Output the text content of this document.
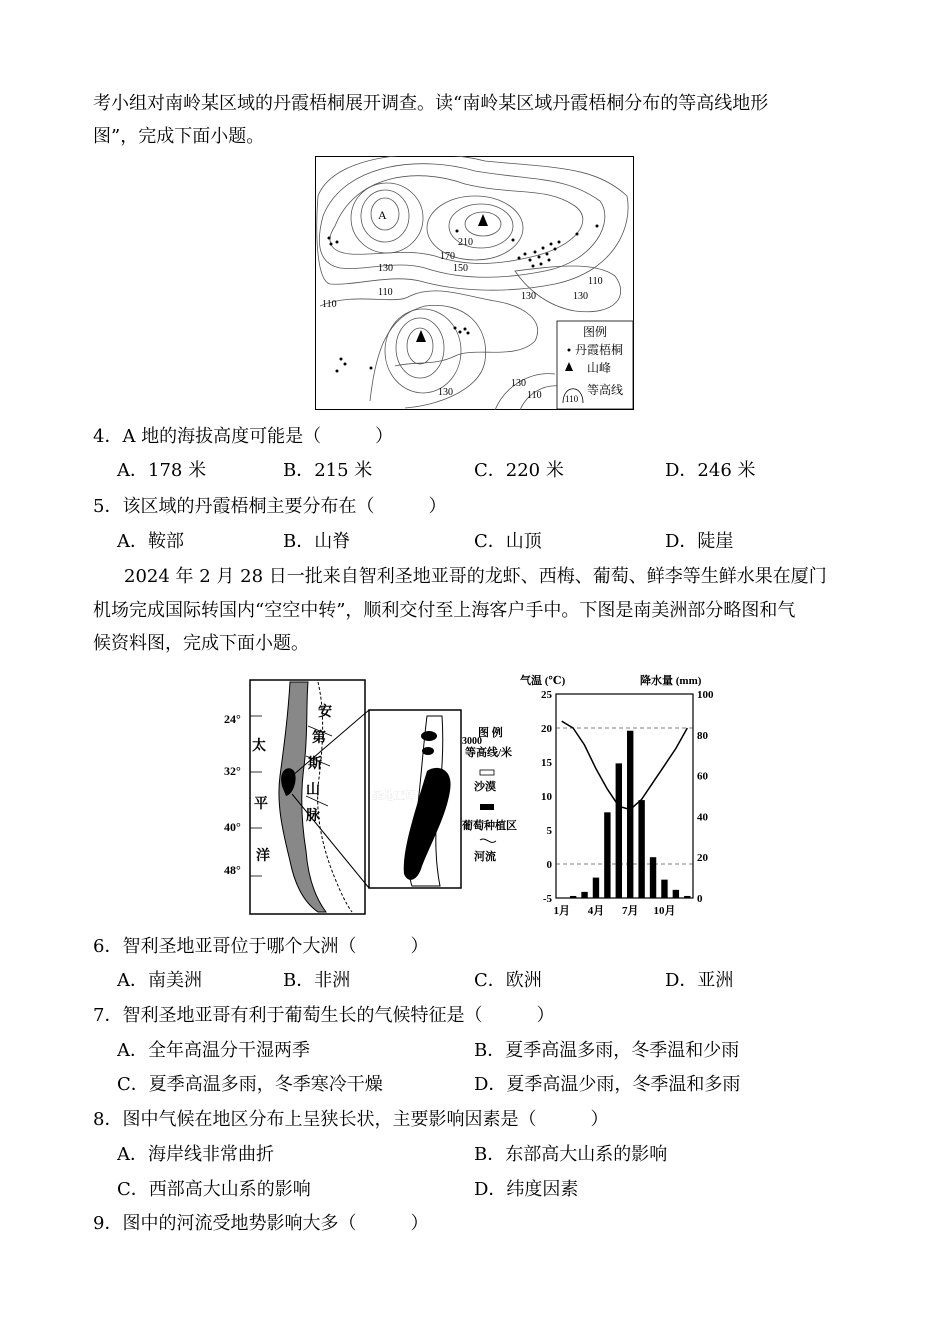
考小组对南岭某区域的丹霞梧桐展开调查。读“南岭某区域丹霞梧桐分布的等高线地形
图”，完成下面小题。
A
210
170
150
130
110
110
130	130
110
130
130
110
图例
丹霞梧桐
山峰
110
等高线
4．A 地的海拔高度可能是（　　　）
A．178 米	B．215 米	C．220 米	D．246 米
5．该区域的丹霞梧桐主要分布在（　　　）
A．鞍部	B．山脊	C．山顶	D．陡崖
2024 年 2 月 28 日一批来自智利圣地亚哥的龙虾、西梅、葡萄、鲜李等生鲜水果在厦门
机场完成国际转国内“空空中转”，顺利交付至上海客户手中。下图是南美洲部分略图和气
候资料图，完成下面小题。
24°
32°
40°
48°
太
平
洋
安
第
斯
山
脉
圣地亚哥
3000
图 例
等高线/米
沙漠
葡萄种植区
河流
气温 (℃)	降水量 (mm)
25
20
15
10
5
0
-5
100
80
60
40
20
0
1月 4月 7月 10月
6．智利圣地亚哥位于哪个大洲（　　　）
A．南美洲	B．非洲	C．欧洲	D．亚洲
7．智利圣地亚哥有利于葡萄生长的气候特征是（　　　）
A．全年高温分干湿两季	B．夏季高温多雨，冬季温和少雨
C．夏季高温多雨，冬季寒冷干燥	D．夏季高温少雨，冬季温和多雨
8．图中气候在地区分布上呈狭长状，主要影响因素是（　　　）
A．海岸线非常曲折	B．东部高大山系的影响
C．西部高大山系的影响	D．纬度因素
9．图中的河流受地势影响大多（　　　）
